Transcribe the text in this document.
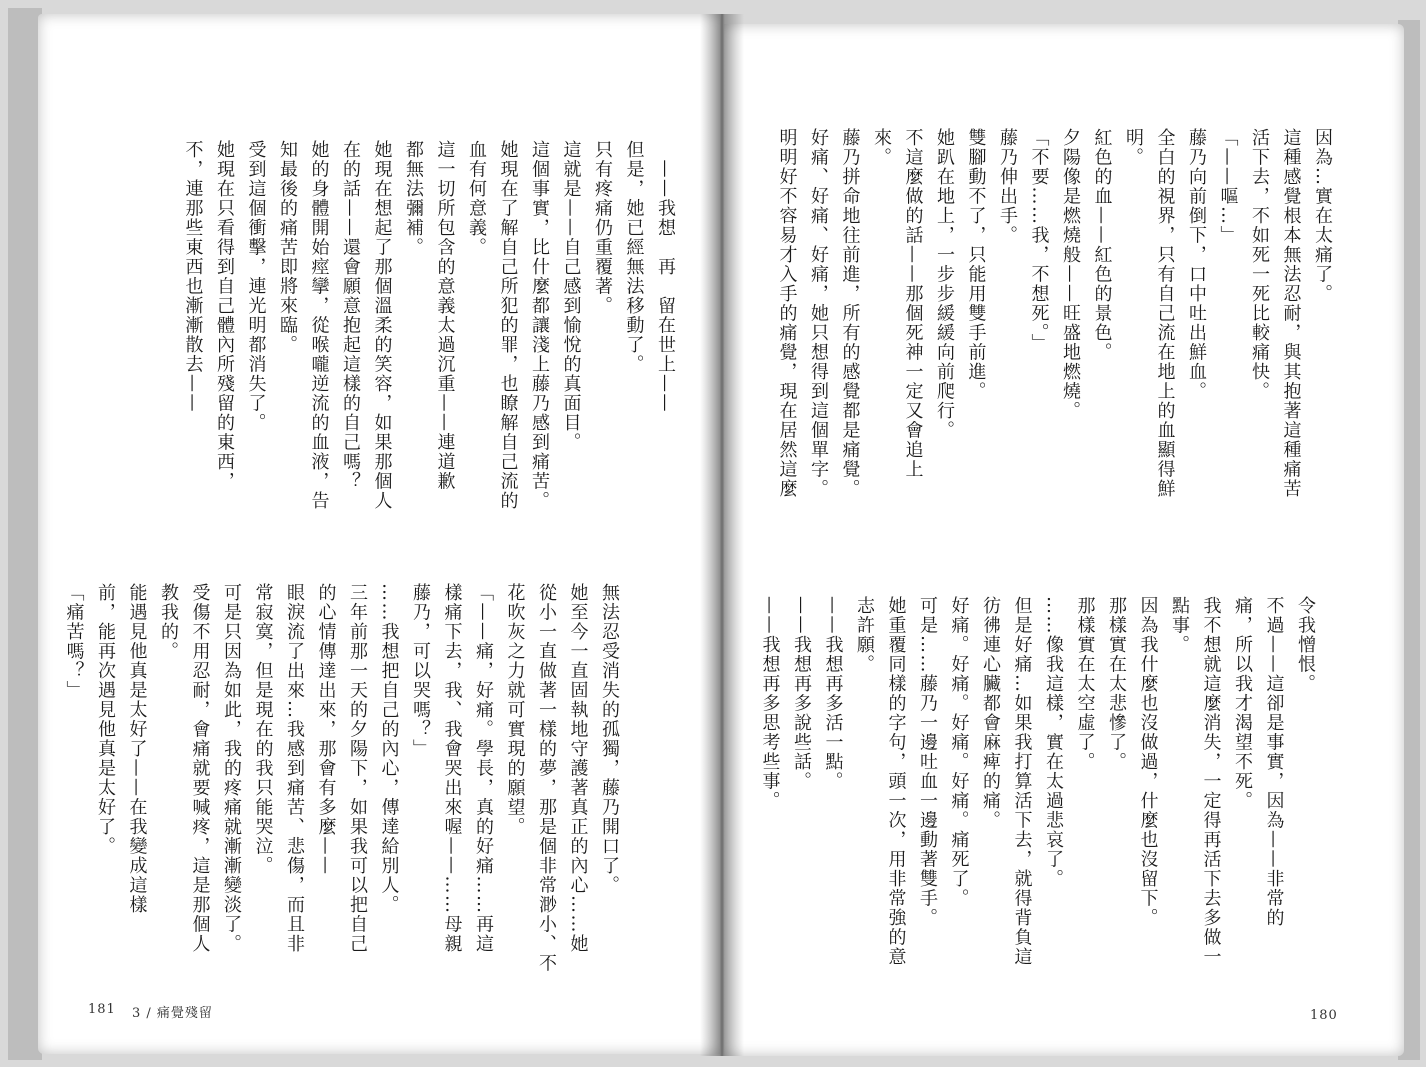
　——我想　再　留在世上——
但是，她已經無法移動了。
只有疼痛仍重覆著。
這就是——自己感到愉悅的真面目。
這個事實，比什麼都讓淺上藤乃感到痛苦。
她現在了解自己所犯的罪，也瞭解自己流的
血有何意義。
這一切所包含的意義太過沉重——連道歉
都無法彌補。
她現在想起了那個溫柔的笑容，如果那個人
在的話——還會願意抱起這樣的自己嗎？
她的身體開始痙攣，從喉嚨逆流的血液，告
知最後的痛苦即將來臨。
受到這個衝擊，連光明都消失了。
她現在只看得到自己體內所殘留的東西，
不，連那些東西也漸漸散去——
無法忍受消失的孤獨，藤乃開口了。
她至今一直固執地守護著真正的內心……她
從小一直做著一樣的夢，那是個非常渺小、不
花吹灰之力就可實現的願望。
「——痛，好痛。學長，真的好痛……再這
樣痛下去，我、我會哭出來喔——……母親
藤乃，可以哭嗎？」
……我想把自己的內心，傳達給別人。
三年前那一天的夕陽下，如果我可以把自己
的心情傳達出來，那會有多麼——
眼淚流了出來…我感到痛苦、悲傷，而且非
常寂寞，但是現在的我只能哭泣。
可是只因為如此，我的疼痛就漸漸變淡了。
受傷不用忍耐，會痛就要喊疼，這是那個人
教我的。
能遇見他真是太好了——在我變成這樣
前，能再次遇見他真是太好了。
「痛苦嗎？」
因為…實在太痛了。
這種感覺根本無法忍耐，與其抱著這種痛苦
活下去，不如死一死比較痛快。
「——嘔…」
藤乃向前倒下，口中吐出鮮血。
全白的視界，只有自己流在地上的血顯得鮮
明。
紅色的血——紅色的景色。
夕陽像是燃燒般——旺盛地燃燒。
「不要……我，不想死。」
藤乃伸出手。
雙腳動不了，只能用雙手前進。
她趴在地上，一步步緩緩向前爬行。
不這麼做的話——那個死神一定又會追上
來。
藤乃拼命地往前進，所有的感覺都是痛覺。
好痛、好痛、好痛，她只想得到這個單字。
明明好不容易才入手的痛覺，現在居然這麼
令我憎恨。
不過——這卻是事實，因為——非常的
痛，所以我才渴望不死。
我不想就這麼消失，一定得再活下去多做一
點事。
因為我什麼也沒做過，什麼也沒留下。
那樣實在太悲慘了。
那樣實在太空虛了。
……像我這樣，實在太過悲哀了。
但是好痛…如果我打算活下去，就得背負這
彷彿連心臟都會麻痺的痛。
好痛。好痛。好痛。好痛。痛死了。
可是……藤乃一邊吐血一邊動著雙手。
她重覆同樣的字句，頭一次，用非常強的意
志許願。
——我想再多活一點。
——我想再多說些話。
——我想再多思考些事。
181 3 / 痛覺殘留	180
